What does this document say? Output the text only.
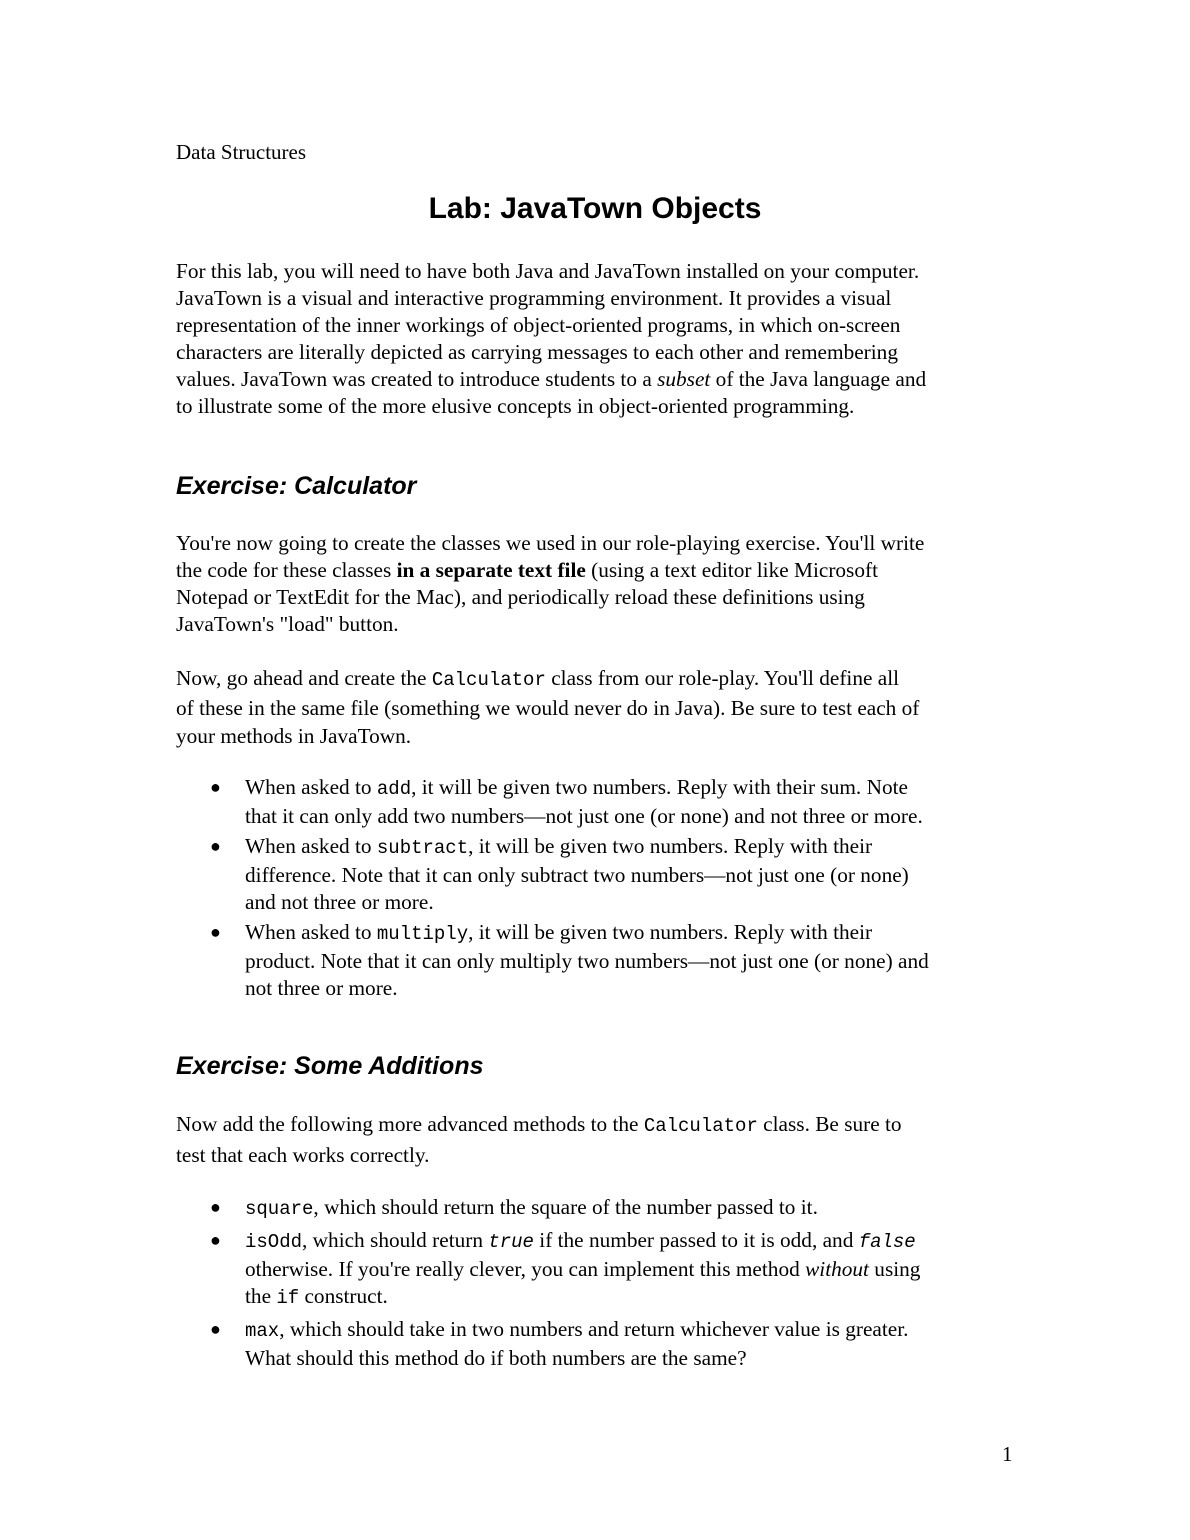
Data Structures
Lab: JavaTown Objects

For this lab, you will need to have both Java and JavaTown installed on your computer.
JavaTown is a visual and interactive programming environment. It provides a visual
representation of the inner workings of object-oriented programs, in which on-screen
characters are literally depicted as carrying messages to each other and remembering
values. JavaTown was created to introduce students to a subset of the Java language and
to illustrate some of the more elusive concepts in object-oriented programming.

Exercise: Calculator

You're now going to create the classes we used in our role-playing exercise. You'll write
the code for these classes in a separate text file (using a text editor like Microsoft
Notepad or TextEdit for the Mac), and periodically reload these definitions using
JavaTown's "load" button.

Now, go ahead and create the Calculator class from our role-play. You'll define all
of these in the same file (something we would never do in Java). Be sure to test each of
your methods in JavaTown.

● When asked to add, it will be given two numbers. Reply with their sum. Note
that it can only add two numbers—not just one (or none) and not three or more.
● When asked to subtract, it will be given two numbers. Reply with their
difference. Note that it can only subtract two numbers—not just one (or none)
and not three or more.
● When asked to multiply, it will be given two numbers. Reply with their
product. Note that it can only multiply two numbers—not just one (or none) and
not three or more.
Exercise: Some Additions

Now add the following more advanced methods to the Calculator class. Be sure to
test that each works correctly.

● square, which should return the square of the number passed to it.
● isOdd, which should return true if the number passed to it is odd, and false
otherwise. If you're really clever, you can implement this method without using
the if construct.
● max, which should take in two numbers and return whichever value is greater.
What should this method do if both numbers are the same?
1
